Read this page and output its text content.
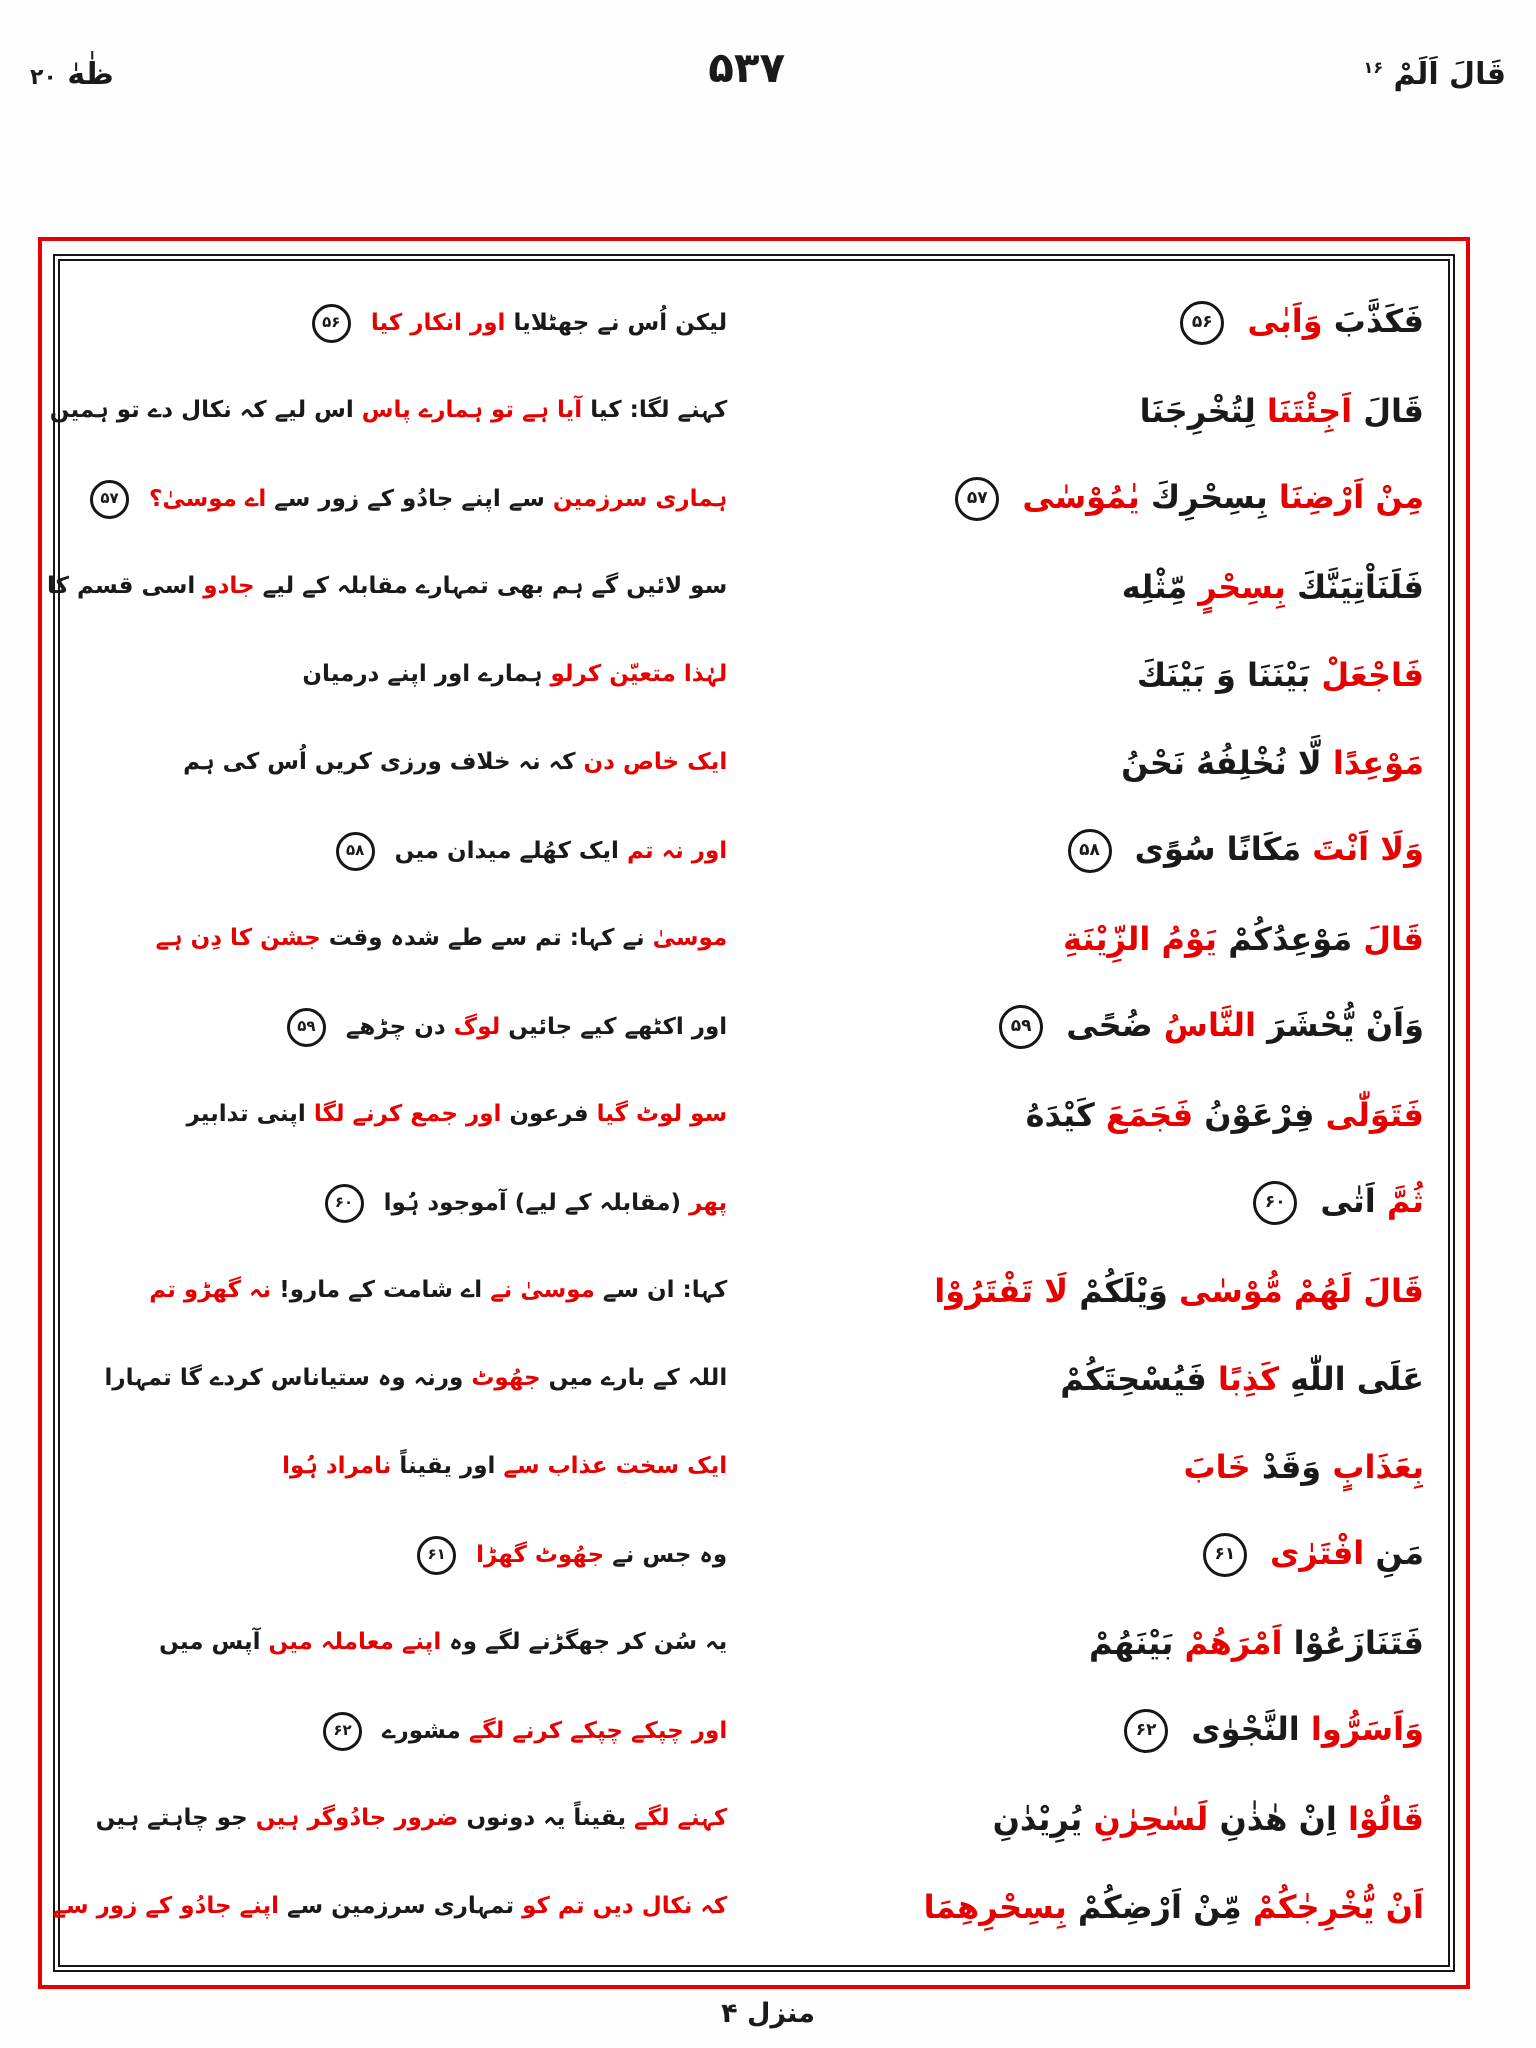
قَالَ اَلَمْ $^{۱۶}$
۵۳۷
ظٰهٰ ۲۰
فَكَذَّبَ وَاَبٰى ۵۶
لیکن اُس نے جھٹلایا اور انکار کیا ۵۶
قَالَ اَجِئْتَنَا لِتُخْرِجَنَا
کہنے لگا: کیا آیا ہے تو ہمارے پاس اس لیے کہ نکال دے تو ہمیں
مِنْ اَرْضِنَا بِسِحْرِكَ يٰمُوْسٰى ۵۷
ہماری سرزمین سے اپنے جادُو کے زور سے اے موسیٰ؟ ۵۷
فَلَنَاْتِيَنَّكَ بِسِحْرٍ مِّثْلِه
سو لائیں گے ہم بھی تمہارے مقابلہ کے لیے جادو اسی قسم کا
فَاجْعَلْ بَيْنَنَا وَ بَيْنَكَ
لہٰذا متعیّن کرلو ہمارے اور اپنے درمیان
مَوْعِدًا لَّا نُخْلِفُهُ نَحْنُ
ایک خاص دن کہ نہ خلاف ورزی کریں اُس کی ہم
وَلَا اَنْتَ مَكَانًا سُوًى ۵۸
اور نہ تم ایک کھُلے میدان میں ۵۸
قَالَ مَوْعِدُكُمْ يَوْمُ الزِّيْنَةِ
موسیٰ نے کہا: تم سے طے شدہ وقت جشن کا دِن ہے
وَاَنْ يُّحْشَرَ النَّاسُ ضُحًى ۵۹
اور اکٹھے کیے جائیں لوگ دن چڑھے ۵۹
فَتَوَلّٰى فِرْعَوْنُ فَجَمَعَ كَيْدَهُ
سو لوٹ گیا فرعون اور جمع کرنے لگا اپنی تدابیر
ثُمَّ اَتٰى ۶۰
پھر (مقابلہ کے لیے) آموجود ہُوا ۶۰
قَالَ لَهُمْ مُّوْسٰى وَيْلَكُمْ لَا تَفْتَرُوْا
کہا: ان سے موسیٰ نے اے شامت کے مارو! نہ گھڑو تم
عَلَى اللّٰهِ كَذِبًا فَيُسْحِتَكُمْ
اللہ کے بارے میں جھُوٹ ورنہ وہ ستیاناس کردے گا تمہارا
بِعَذَابٍ وَقَدْ خَابَ
ایک سخت عذاب سے اور یقیناً نامراد ہُوا
مَنِ افْتَرٰى ۶۱
وہ جس نے جھُوٹ گھڑا ۶۱
فَتَنَازَعُوْا اَمْرَهُمْ بَيْنَهُمْ
یہ سُن کر جھگڑنے لگے وہ اپنے معاملہ میں آپس میں
وَاَسَرُّوا النَّجْوٰى ۶۲
اور چپکے چپکے کرنے لگے مشورے ۶۲
قَالُوْا اِنْ هٰذٰنِ لَسٰحِرٰنِ يُرِيْدٰنِ
کہنے لگے یقیناً یہ دونوں ضرور جادُوگر ہیں جو چاہتے ہیں
اَنْ يُّخْرِجٰكُمْ مِّنْ اَرْضِكُمْ بِسِحْرِهِمَا
کہ نکال دیں تم کو تمہاری سرزمین سے اپنے جادُو کے زور سے
منزل ۴
